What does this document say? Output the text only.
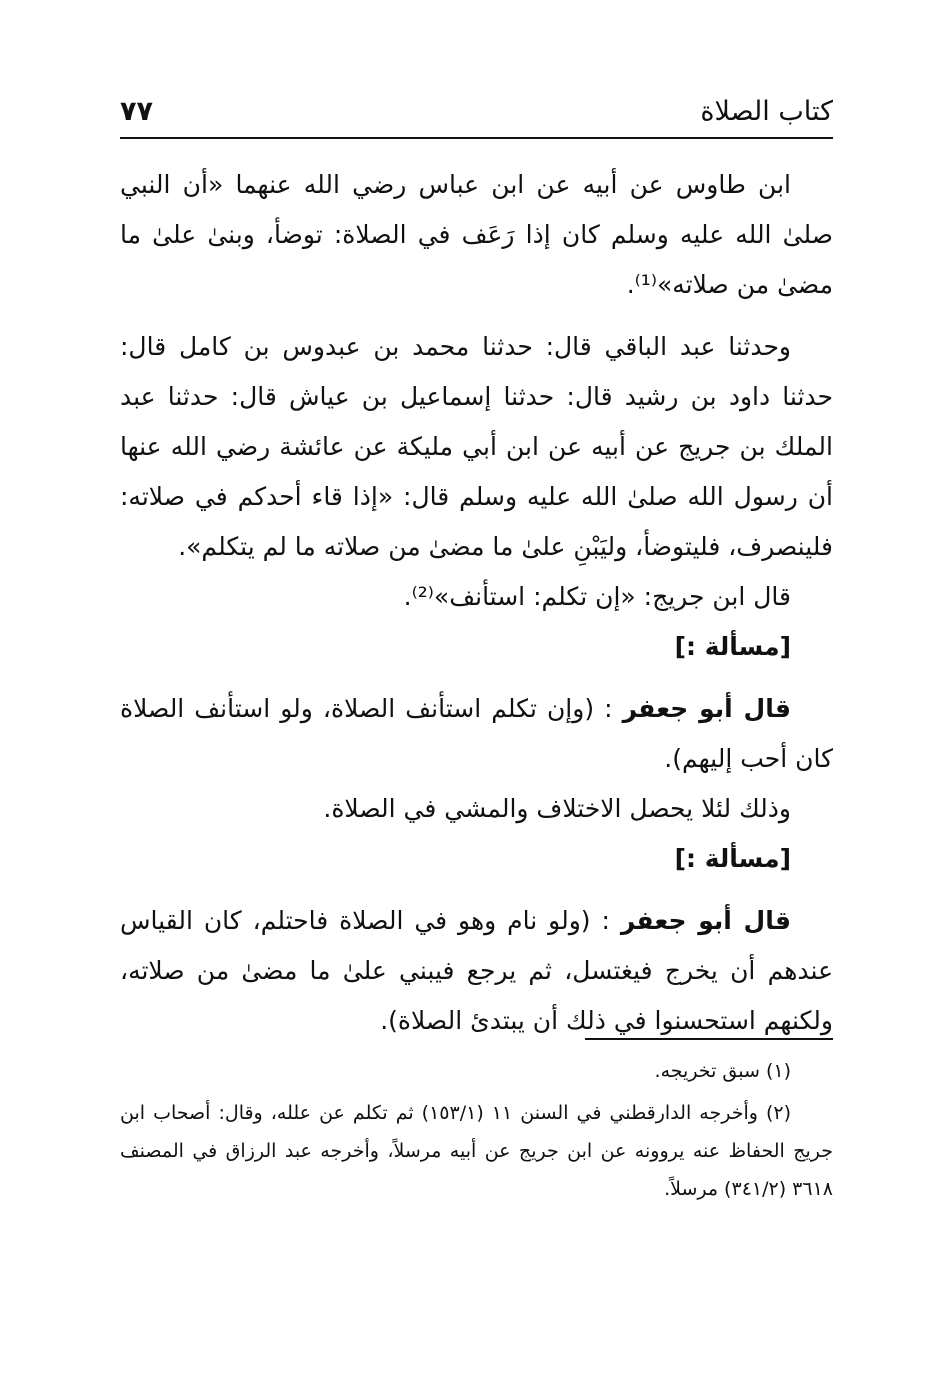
كتاب الصلاة
٧٧

ابن طاوس عن أبيه عن ابن عباس رضي الله عنهما «أن النبي صلىٰ الله عليه وسلم كان إذا رَعَف في الصلاة: توضأ، وبنىٰ علىٰ ما مضىٰ من صلاته»⁽¹⁾.

وحدثنا عبد الباقي قال: حدثنا محمد بن عبدوس بن كامل قال: حدثنا داود بن رشيد قال: حدثنا إسماعيل بن عياش قال: حدثنا عبد الملك بن جريج عن أبيه عن ابن أبي مليكة عن عائشة رضي الله عنها أن رسول الله صلىٰ الله عليه وسلم قال: «إذا قاء أحدكم في صلاته: فلينصرف، فليتوضأ، وليَبْنِ علىٰ ما مضىٰ من صلاته ما لم يتكلم».

قال ابن جريج: «إن تكلم: استأنف»⁽²⁾.

[مسألة :]

قال أبو جعفر : (وإن تكلم استأنف الصلاة، ولو استأنف الصلاة كان أحب إليهم).

وذلك لئلا يحصل الاختلاف والمشي في الصلاة.

[مسألة :]

قال أبو جعفر : (ولو نام وهو في الصلاة فاحتلم، كان القياس عندهم أن يخرج فيغتسل، ثم يرجع فيبني علىٰ ما مضىٰ من صلاته، ولكنهم استحسنوا في ذلك أن يبتدئ الصلاة).

(١) سبق تخريجه.

(٢) وأخرجه الدارقطني في السنن ١١ (١٥٣/١) ثم تكلم عن علله، وقال: أصحاب ابن جريج الحفاظ عنه يروونه عن ابن جريج عن أبيه مرسلاً، وأخرجه عبد الرزاق في المصنف ٣٦١٨ (٣٤١/٢) مرسلاً.
